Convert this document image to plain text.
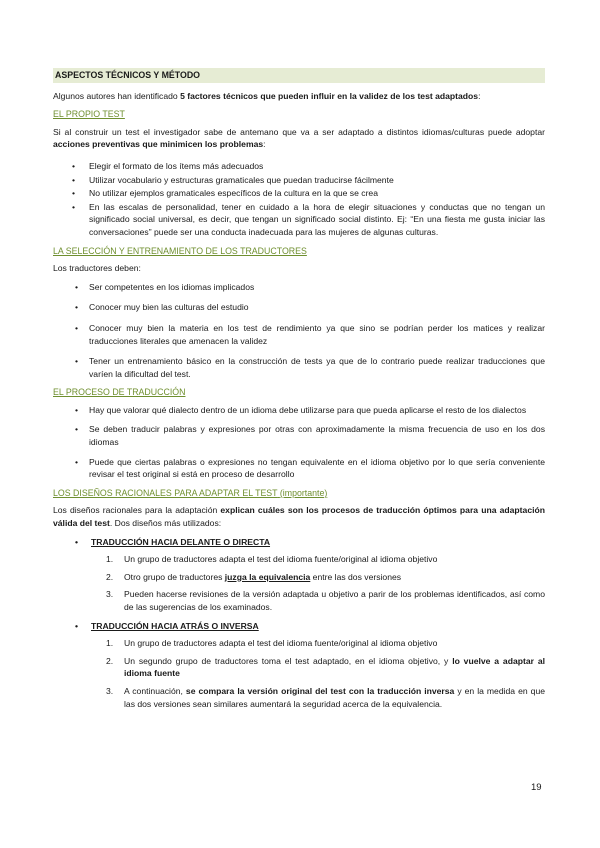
ASPECTOS TÉCNICOS Y MÉTODO

Algunos autores han identificado 5 factores técnicos que pueden influir en la validez de los test adaptados:

EL PROPIO TEST

Si al construir un test el investigador sabe de antemano que va a ser adaptado a distintos idiomas/culturas puede adoptar acciones preventivas que minimicen los problemas:

• Elegir el formato de los ítems más adecuados
• Utilizar vocabulario y estructuras gramaticales que puedan traducirse fácilmente
• No utilizar ejemplos gramaticales específicos de la cultura en la que se crea
• En las escalas de personalidad, tener en cuidado a la hora de elegir situaciones y conductas que no tengan un significado social universal, es decir, que tengan un significado social distinto. Ej: “En una fiesta me gusta iniciar las conversaciones” puede ser una conducta inadecuada para las mujeres de algunas culturas.
LA SELECCIÓN Y ENTRENAMIENTO DE LOS TRADUCTORES

Los traductores deben:

• Ser competentes en los idiomas implicados
• Conocer muy bien las culturas del estudio
• Conocer muy bien la materia en los test de rendimiento ya que sino se podrían perder los matices y realizar traducciones literales que amenacen la validez
• Tener un entrenamiento básico en la construcción de tests ya que de lo contrario puede realizar traducciones que varíen la dificultad del test.
EL PROCESO DE TRADUCCIÓN
• Hay que valorar qué dialecto dentro de un idioma debe utilizarse para que pueda aplicarse el resto de los dialectos
• Se deben traducir palabras y expresiones por otras con aproximadamente la misma frecuencia de uso en los dos idiomas
• Puede que ciertas palabras o expresiones no tengan equivalente en el idioma objetivo por lo que sería conveniente revisar el test original si está en proceso de desarrollo
LOS DISEÑOS RACIONALES PARA ADAPTAR EL TEST (importante)

Los diseños racionales para la adaptación explican cuáles son los procesos de traducción óptimos para una adaptación válida del test. Dos diseños más utilizados:

• TRADUCCIÓN HACIA DELANTE O DIRECTA
1. Un grupo de traductores adapta el test del idioma fuente/original al idioma objetivo
2. Otro grupo de traductores juzga la equivalencia entre las dos versiones
3. Pueden hacerse revisiones de la versión adaptada u objetivo a parir de los problemas identificados, así como de las sugerencias de los examinados.
• TRADUCCIÓN HACIA ATRÁS O INVERSA
1. Un grupo de traductores adapta el test del idioma fuente/original al idioma objetivo
2. Un segundo grupo de traductores toma el test adaptado, en el idioma objetivo, y lo vuelve a adaptar al idioma fuente
3. A continuación, se compara la versión original del test con la traducción inversa y en la medida en que las dos versiones sean similares aumentará la seguridad acerca de la equivalencia.
19
